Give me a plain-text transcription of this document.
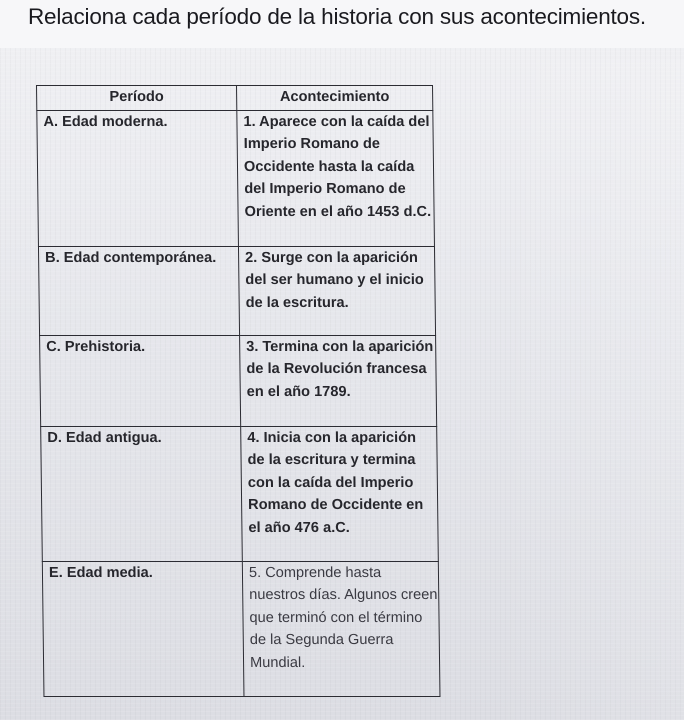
Relaciona cada período de la historia con sus acontecimientos.
Período	Acontecimiento
A. Edad moderna.	1. Aparece con la caída del Imperio Romano de Occidente hasta la caída del Imperio Romano de Oriente en el año 1453 d.C.
B. Edad contemporánea.	2. Surge con la aparición del ser humano y el inicio de la escritura.
C. Prehistoria.	3. Termina con la aparición de la Revolución francesa en el año 1789.
D. Edad antigua.	4. Inicia con la aparición de la escritura y termina con la caída del Imperio Romano de Occidente en el año 476 a.C.
E. Edad media.	5. Comprende hasta nuestros días. Algunos creen que terminó con el término de la Segunda Guerra Mundial.
